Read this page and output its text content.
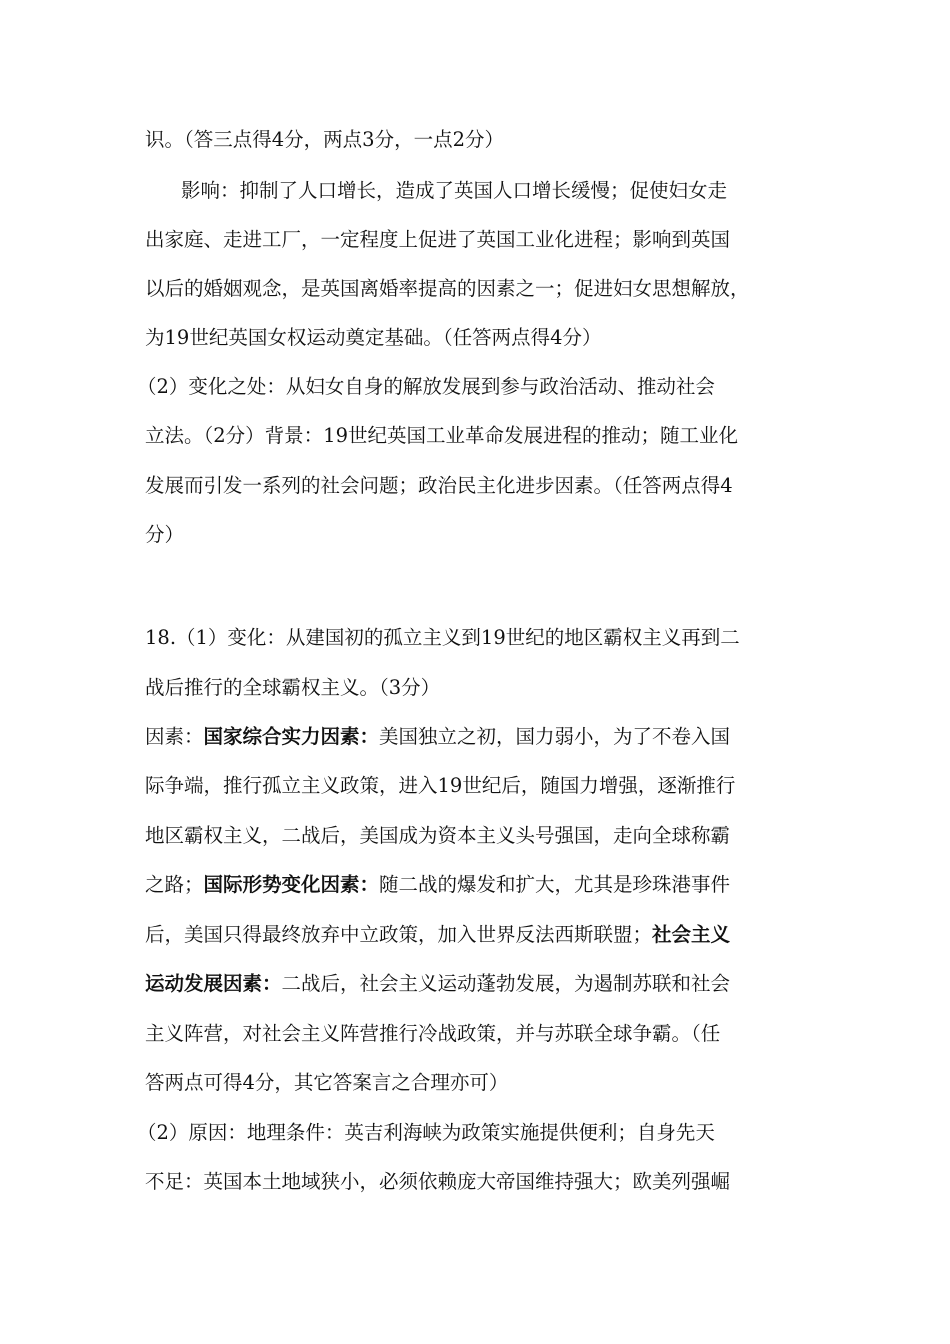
识。（答三点得4分，两点3分，一点2分）
影响：抑制了人口增长，造成了英国人口增长缓慢；促使妇女走
出家庭、走进工厂，一定程度上促进了英国工业化进程；影响到英国
以后的婚姻观念，是英国离婚率提高的因素之一；促进妇女思想解放，
为19世纪英国女权运动奠定基础。（任答两点得4分）
（2）变化之处：从妇女自身的解放发展到参与政治活动、推动社会
立法。（2分）背景：19世纪英国工业革命发展进程的推动；随工业化
发展而引发一系列的社会问题；政治民主化进步因素。（任答两点得4
分）
18.（1）变化：从建国初的孤立主义到19世纪的地区霸权主义再到二
战后推行的全球霸权主义。（3分）
因素：国家综合实力因素：美国独立之初，国力弱小，为了不卷入国
际争端，推行孤立主义政策，进入19世纪后，随国力增强，逐渐推行
地区霸权主义，二战后，美国成为资本主义头号强国，走向全球称霸
之路；国际形势变化因素：随二战的爆发和扩大，尤其是珍珠港事件
后，美国只得最终放弃中立政策，加入世界反法西斯联盟；社会主义
运动发展因素：二战后，社会主义运动蓬勃发展，为遏制苏联和社会
主义阵营，对社会主义阵营推行冷战政策，并与苏联全球争霸。（任
答两点可得4分，其它答案言之合理亦可）
（2）原因：地理条件：英吉利海峡为政策实施提供便利；自身先天
不足：英国本土地域狭小，必须依赖庞大帝国维持强大；欧美列强崛
